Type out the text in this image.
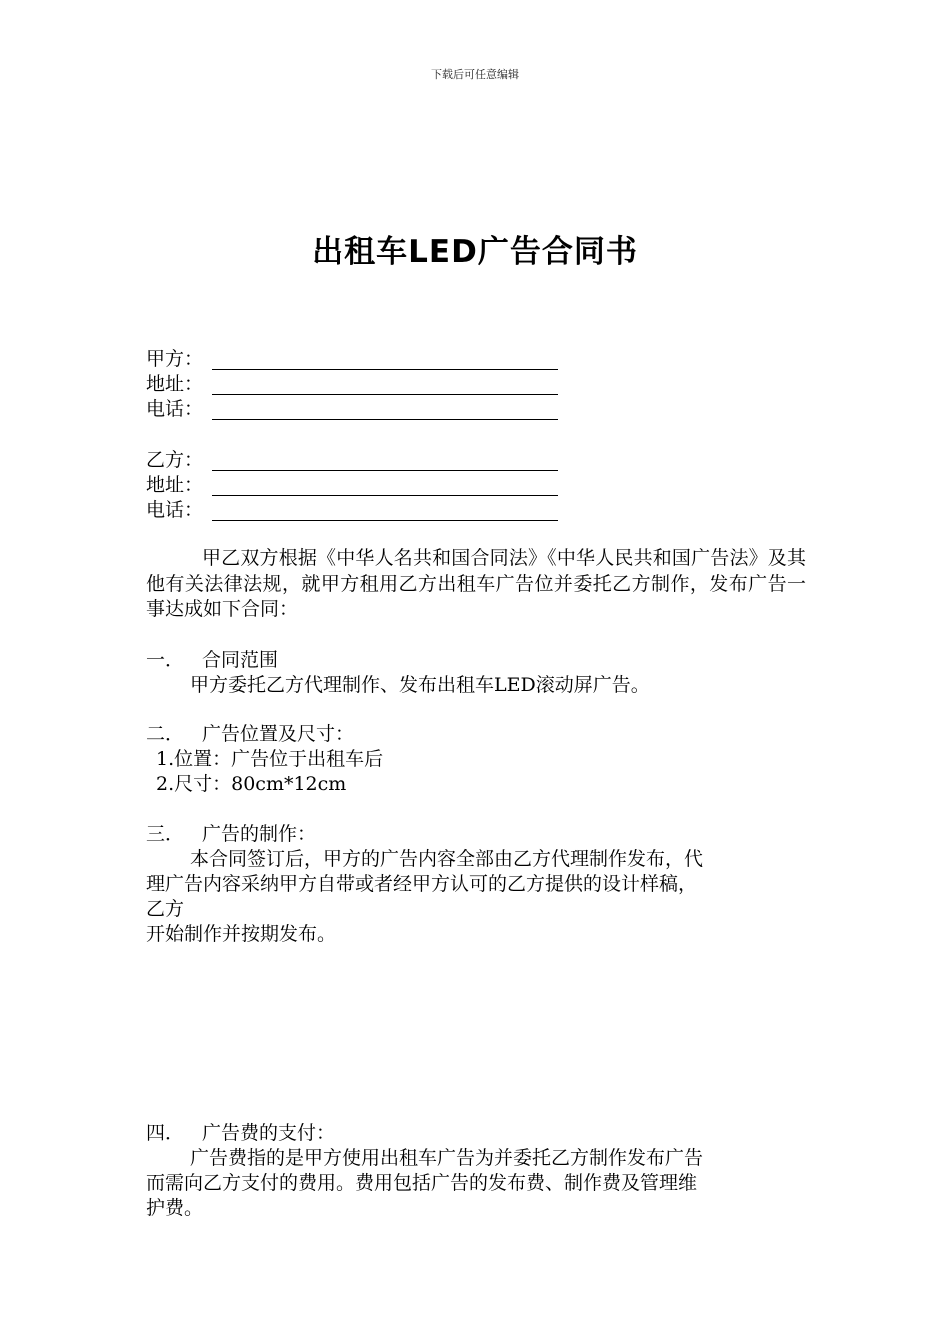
下载后可任意编辑
出租车LED广告合同书
甲方：
地址：
电话：
乙方：
地址：
电话：
甲乙双方根据《中华人名共和国合同法》《中华人民共和国广告法》及其他有关法律法规，就甲方租用乙方出租车广告位并委托乙方制作，发布广告一事达成如下合同：
一． 合同范围
甲方委托乙方代理制作、发布出租车LED滚动屏广告。
二． 广告位置及尺寸：
1.位置：广告位于出租车后
2.尺寸：80cm*12cm
三． 广告的制作：
本合同签订后，甲方的广告内容全部由乙方代理制作发布，代
理广告内容采纳甲方自带或者经甲方认可的乙方提供的设计样稿，
乙方
开始制作并按期发布。
四． 广告费的支付：
广告费指的是甲方使用出租车广告为并委托乙方制作发布广告
而需向乙方支付的费用。费用包括广告的发布费、制作费及管理维
护费。
